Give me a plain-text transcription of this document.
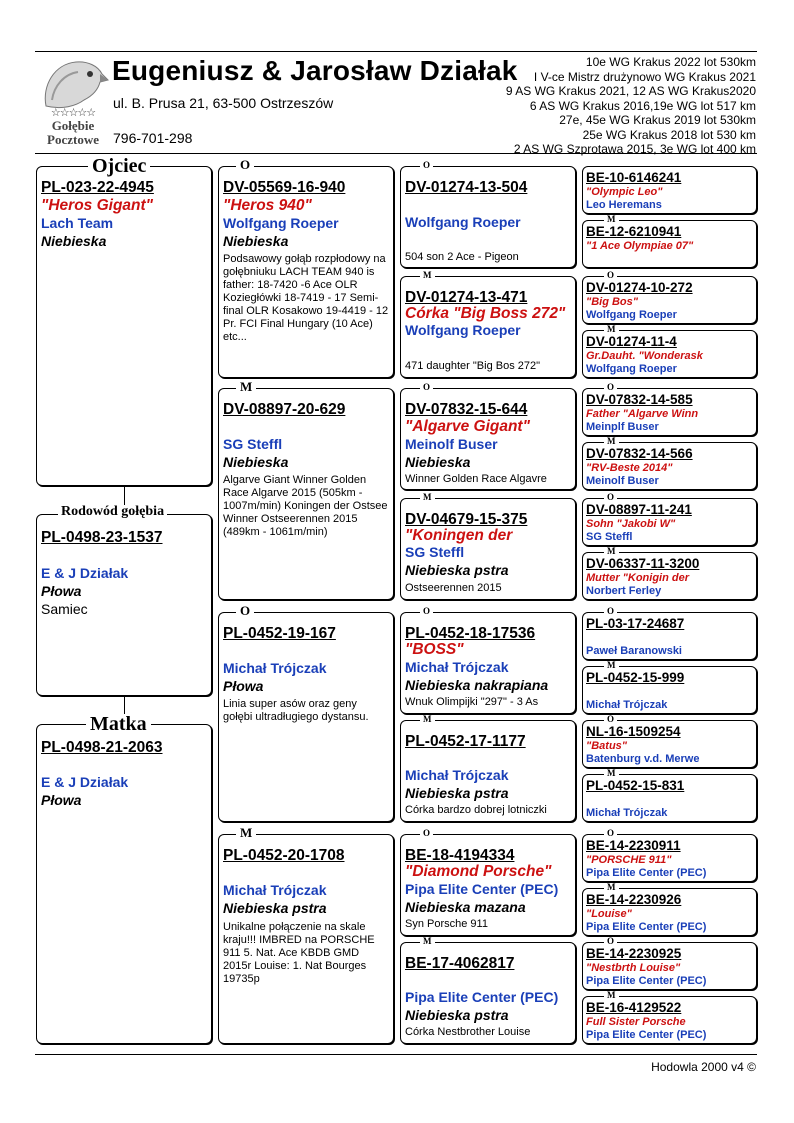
☆☆☆☆☆
Gołębie
Pocztowe
Eugeniusz & Jarosław Działak
ul. B. Prusa 21, 63-500 Ostrzeszów
796-701-298
10e WG Krakus 2022 lot 530km
I V-ce Mistrz drużynowo WG Krakus 2021
9 AS WG Krakus 2021, 12 AS WG Krakus2020
6 AS WG Krakus 2016,19e WG lot 517 km
27e, 45e WG Krakus 2019 lot 530km
25e WG Krakus 2018 lot 530 km
2 AS WG Szprotawa 2015, 3e WG lot 400 km
PL-023-22-4945
"Heros Gigant"
Lach Team
Niebieska
Ojciec
PL-0498-23-1537
E & J Działak
Płowa
Samiec
Rodowód gołębia
PL-0498-21-2063
E & J Działak
Płowa
Matka
DV-05569-16-940
"Heros 940"
Wolfgang Roeper
Niebieska
Podsawowy gołąb rozpłodowy na gołębniuku LACH TEAM 940 is father: 18-7420 -6 Ace OLR Koziegłówki 18-7419 - 17 Semi-final OLR Kosakowo 19-4419 - 12 Pr. FCI Final Hungary (10 Ace) etc...
O
DV-08897-20-629
SG Steffl
Niebieska
Algarve Giant Winner Golden Race Algarve 2015 (505km - 1007m/min) Koningen der Ostsee Winner Ostseerennen 2015 (489km - 1061m/min)
M
PL-0452-19-167
Michał Trójczak
Płowa
Linia super asów oraz geny gołębi ultradługiego dystansu.
O
PL-0452-20-1708
Michał Trójczak
Niebieska pstra
Unikalne połączenie na skale kraju!!! IMBRED na PORSCHE 911 5. Nat. Ace KBDB GMD 2015r Louise: 1. Nat Bourges 19735p
M
DV-01274-13-504
Wolfgang Roeper
504 son 2 Ace - Pigeon
O
DV-01274-13-471
Córka "Big Boss 272"
Wolfgang Roeper
471 daughter "Big Bos 272"
M
DV-07832-15-644
"Algarve Gigant"
Meinolf Buser
Niebieska
Winner Golden Race Algavre
O
DV-04679-15-375
"Koningen der
SG Steffl
Niebieska pstra
Ostseerennen 2015
M
PL-0452-18-17536
"BOSS"
Michał Trójczak
Niebieska nakrapiana
Wnuk Olimpijki "297" - 3 As
O
PL-0452-17-1177
Michał Trójczak
Niebieska pstra
Córka bardzo dobrej lotniczki
M
BE-18-4194334
"Diamond Porsche"
Pipa Elite Center (PEC)
Niebieska mazana
Syn Porsche 911
O
BE-17-4062817
Pipa Elite Center (PEC)
Niebieska pstra
Córka Nestbrother Louise
M
BE-10-6146241
"Olympic Leo"
Leo Heremans
BE-12-6210941
"1 Ace Olympiae 07"
M
DV-01274-10-272
"Big Bos"
Wolfgang Roeper
O
DV-01274-11-4
Gr.Dauht. "Wonderask
Wolfgang Roeper
M
DV-07832-14-585
Father "Algarve Winn
Meinplf Buser
O
DV-07832-14-566
"RV-Beste 2014"
Meinolf Buser
M
DV-08897-11-241
Sohn "Jakobi W"
SG Steffl
O
DV-06337-11-3200
Mutter "Konigin der
Norbert Ferley
M
PL-03-17-24687
Paweł Baranowski
O
PL-0452-15-999
Michał Trójczak
M
NL-16-1509254
"Batus"
Batenburg v.d. Merwe
O
PL-0452-15-831
Michał Trójczak
M
BE-14-2230911
"PORSCHE 911"
Pipa Elite Center (PEC)
O
BE-14-2230926
"Louise"
Pipa Elite Center (PEC)
M
BE-14-2230925
"Nestbrth Louise"
Pipa Elite Center (PEC)
O
BE-16-4129522
Full Sister Porsche
Pipa Elite Center (PEC)
M
Hodowla 2000 v4 ©
